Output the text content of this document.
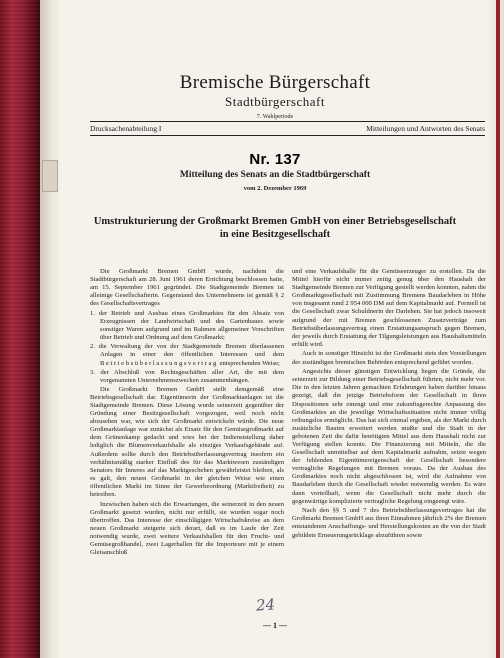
Bremische Bürgerschaft
Stadtbürgerschaft
7. Wahlperiode
Drucksachenabteilung I	Mitteilungen und Antworten des Senats
Nr. 137
Mitteilung des Senats an die Stadtbürgerschaft
vom 2. Dezember 1969
Umstrukturierung der Großmarkt Bremen GmbH von einer Betriebsgesellschaft
in eine Besitzgesellschaft

Die Großmarkt Bremen GmbH wurde, nachdem die Stadtbürgerschaft am 28. Juni 1961 deren Errichtung beschlossen hatte, am 15. September 1961 gegründet. Die Stadtgemeinde Bremen ist alleinige Gesellschafterin. Gegenstand des Unternehmens ist gemäß § 2 des Gesellschaftsvertrages

1. der Betrieb und Ausbau eines Großmarktes für den Absatz von Erzeugnissen der Landwirtschaft und des Gartenbaues sowie sonstiger Waren aufgrund und im Rahmen allgemeiner Vorschriften über Betrieb und Ordnung auf dem Großmarkt;

2. die Verwaltung der von der Stadtgemeinde Bremen überlassenen Anlagen in einer den öffentlichen Interessen und dem Betriebsüberlassungsvertrag entsprechenden Weise;

3. der Abschluß von Rechtsgeschäften aller Art, die mit dem vorgenannten Unternehmenszwecken zusammenhängen.

Die Großmarkt Bremen GmbH stellt demgemäß eine Betriebsgesellschaft dar. Eigentümerin der Großmarktanlagen ist die Stadtgemeinde Bremen. Diese Lösung wurde seinerzeit gegenüber der Gründung einer Besitzgesellschaft vorgezogen, weil noch nicht abzusehen war, wie sich der Großmarkt entwickeln würde. Die neue Großmarktanlage war zunächst als Ersatz für den Gemüsegroßmarkt auf dem Grünenkamp gedacht und wies bei der Indienststellung daher lediglich die Blumenverkaufshalle als einziges Verkaufsgebäude auf. Außerdem sollte durch den Betriebsüberlassungsvertrag insofern ein verhältnismäßig starker Einfluß des für das Marktwesen zuständigen Senators für Inneres auf das Marktgeschehen gewährleistet bleiben, als es galt, den neuen Großmarkt in der gleichen Weise wie einen öffentlichen Markt im Sinne der Gewerbeordnung (Marktfreiheit) zu betreiben.

Inzwischen haben sich die Erwartungen, die seinerzeit in den neuen Großmarkt gesetzt wurden, nicht nur erfüllt, sie wurden sogar noch übertroffen. Das Interesse der einschlägigen Wirtschaftskreise an dem neuen Großmarkt steigerte sich derart, daß es im Laufe der Zeit notwendig wurde, zwei weitere Verkaufshallen für den Frucht- und Gemüsegroßhandel, zwei Lagerhallen für die Importeure mit je einem Gleisanschluß

und eine Verkaufshalle für die Gemüseerzeuger zu erstellen. Da die Mittel hierfür nicht immer zeitig genug über den Haushalt der Stadtgemeinde Bremen zur Verfügung gestellt werden konnten, nahm die Großmarktgesellschaft mit Zustimmung Bremens Baudarlehen in Höhe von insgesamt rund 2 954 000 DM auf dem Kapitalmarkt auf. Formell ist die Gesellschaft zwar Schuldnerin der Darlehen. Sie hat jedoch insoweit aufgrund der mit Bremen geschlossenen Zusatzverträge zum Betriebsüberlassungsvertrag einen Erstattungsanspruch gegen Bremen, der jeweils durch Erstattung der Tilgungsleistungen aus Haushaltsmitteln erfüllt wird.

Auch in sonstiger Hinsicht ist der Großmarkt stets den Vorstellungen der zuständigen bremischen Behörden entsprechend geführt worden.

Angesichts dieser günstigen Entwicklung liegen die Gründe, die seinerzeit zur Bildung einer Betriebsgesellschaft führten, nicht mehr vor. Die in den letzten Jahren gemachten Erfahrungen haben darüber hinaus gezeigt, daß die jetzige Betriebsform der Gesellschaft in ihren Dispositionen sehr einengt und eine zukunftsgerechte Anpassung des Großmarktes an die jeweilige Wirtschaftssituation nicht immer völlig reibungslos ermöglicht. Das hat sich einmal ergeben, als der Markt durch zusätzliche Bauten erweitert werden mußte und die Stadt in der gebotenen Zeit die dafür benötigten Mittel aus dem Haushalt nicht zur Verfügung stellen konnte. Die Finanzierung mit Mitteln, die die Gesellschaft unmittelbar auf dem Kapitalmarkt aufnahm, setzte wegen der fehlenden Eigentümereigenschaft der Gesellschaft besondere vertragliche Regelungen mit Bremen voraus. Da der Ausbau des Großmarktes noch nicht abgeschlossen ist, wird die Aufnahme von Baudarlehen durch die Gesellschaft wieder notwendig werden. Es wäre dann vorteilhaft, wenn die Gesellschaft nicht mehr durch die gegenwärtige komplizierte vertragliche Regelung eingeengt wäre.

Nach den §§ 5 und 7 des Betriebsüberlassungsvertrages hat die Großmarkt Bremen GmbH aus ihren Einnahmen jährlich 2% der Bremen entstandenen Anschaffungs- und Herstellungskosten an die von der Stadt gebildete Erneuerungsrücklage abzuführen sowie

24
— 1 —
